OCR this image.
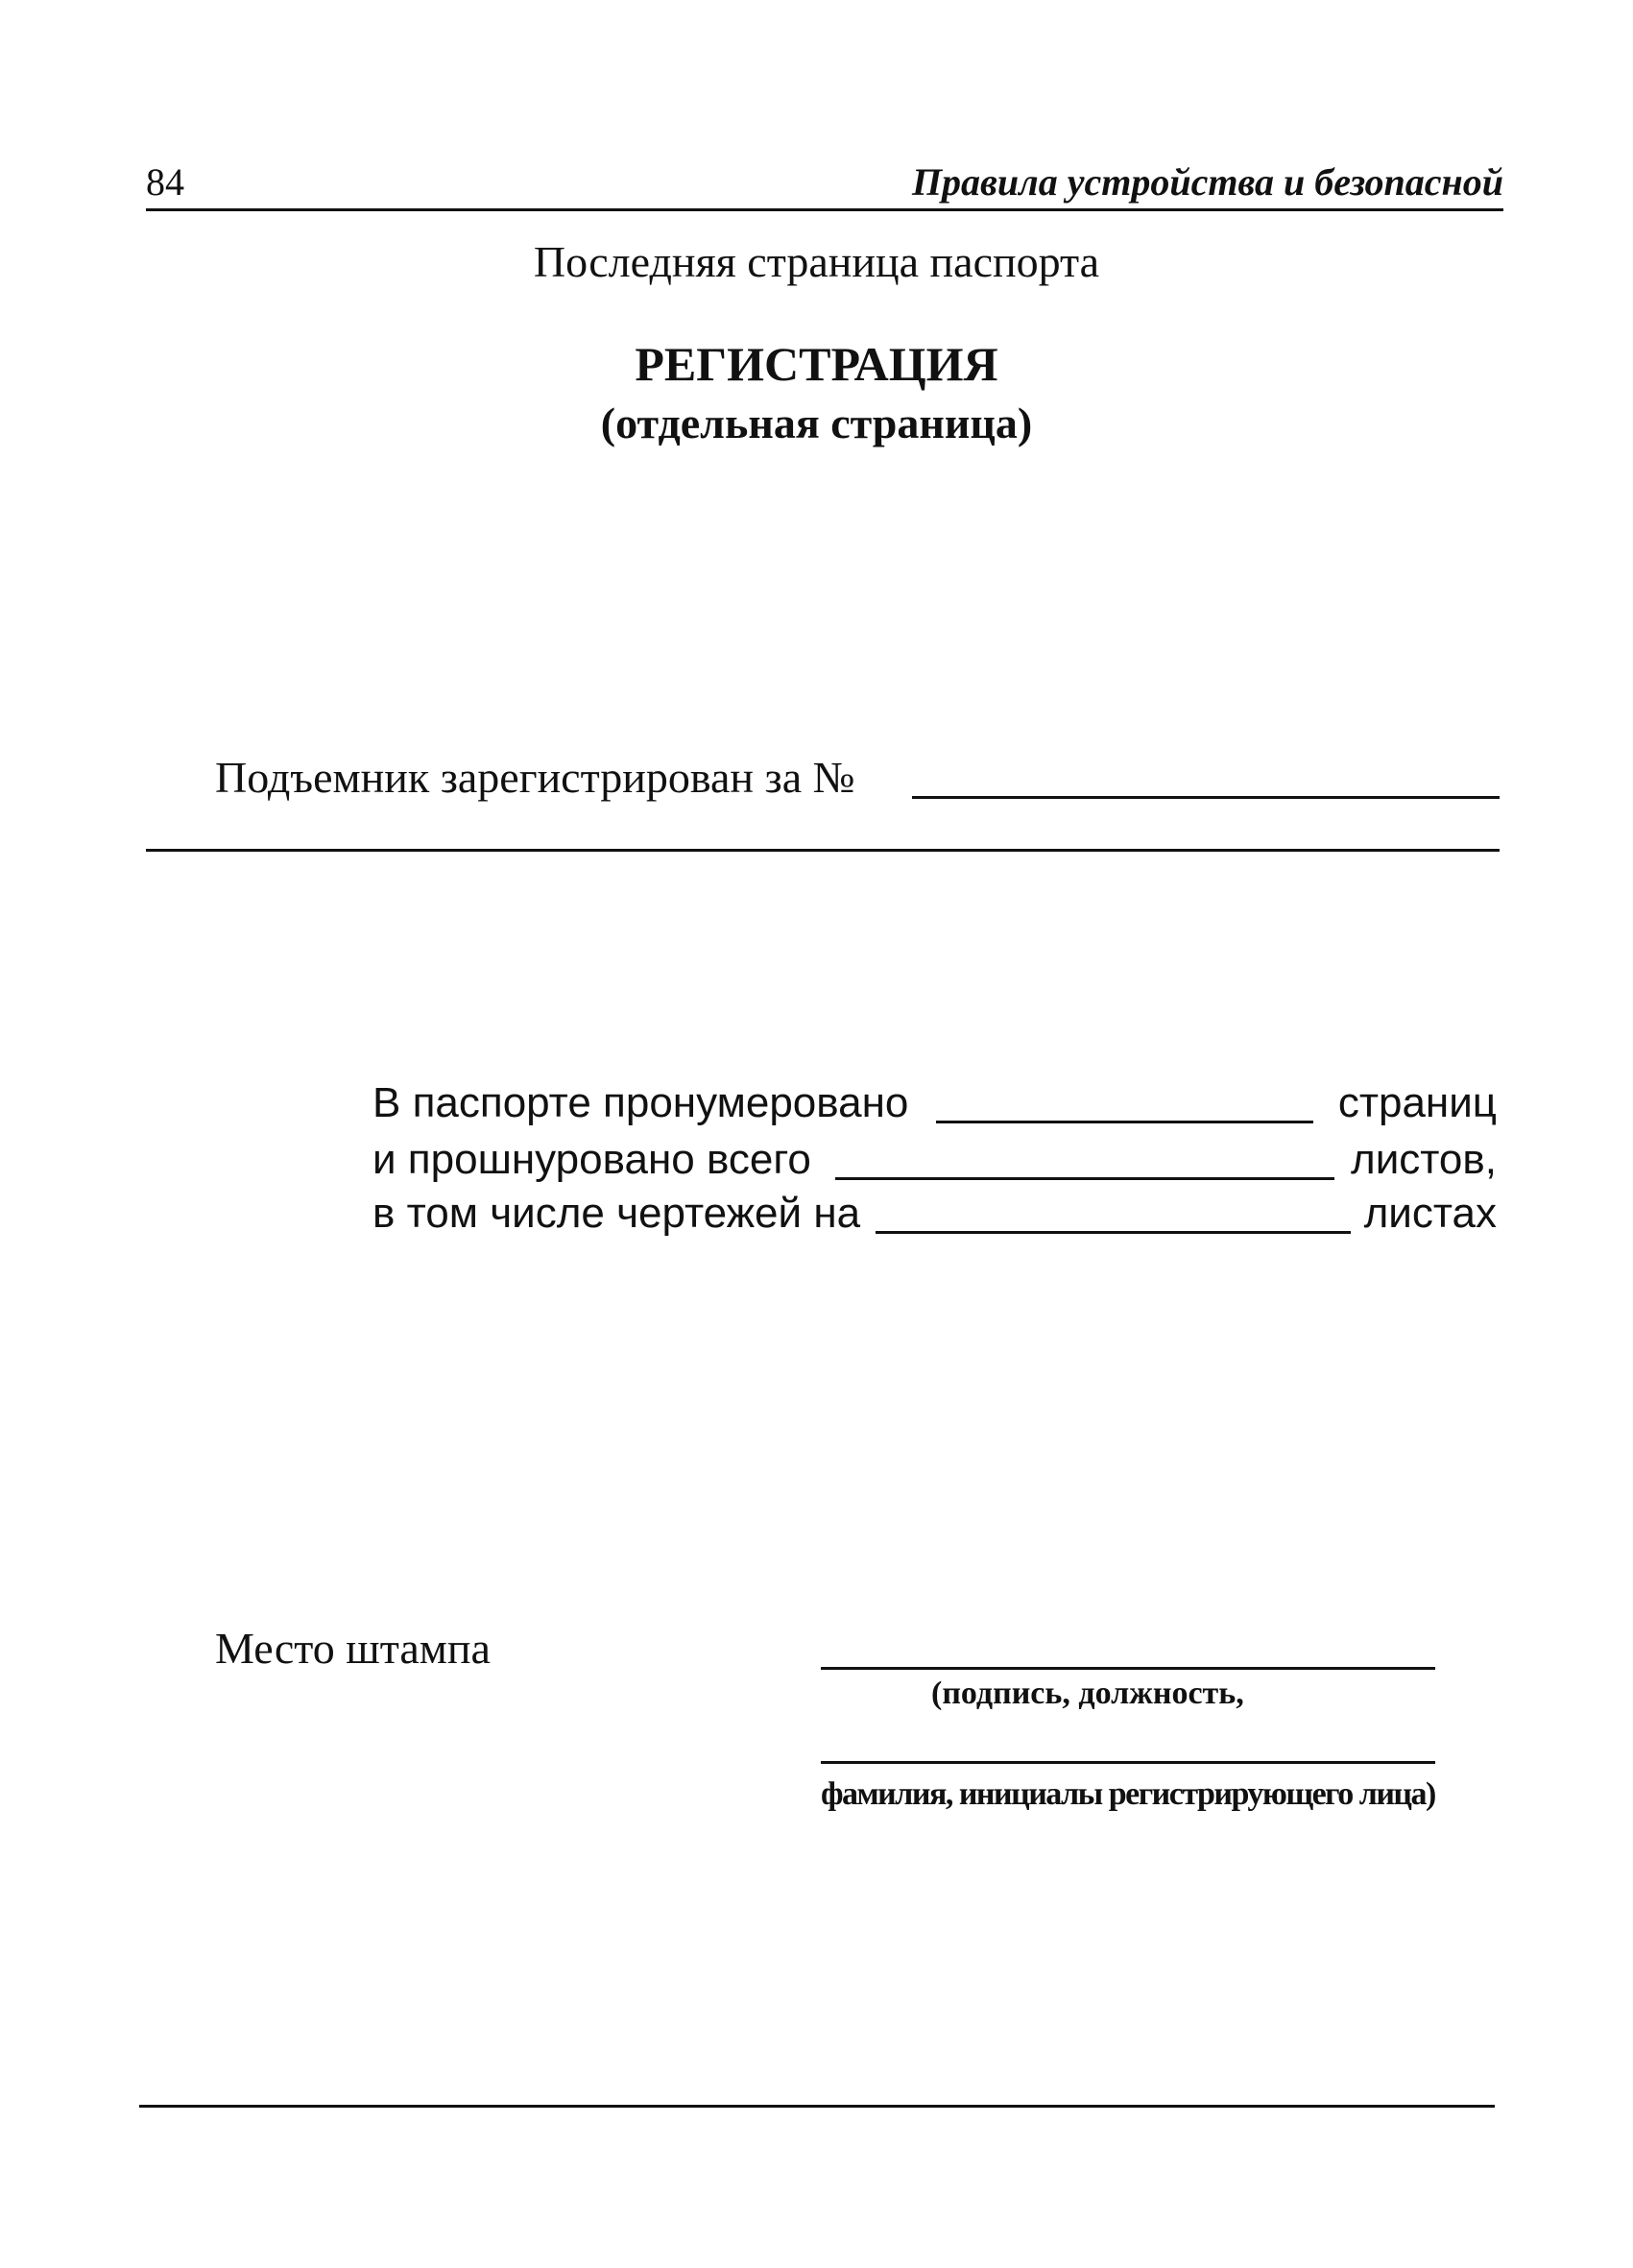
84	Правила устройства и безопасной
Последняя страница паспорта
РЕГИСТРАЦИЯ
(отдельная страница)
Подъемник зарегистрирован за №
В паспорте пронумеровано	страниц
и прошнуровано всего	листов,
в том числе чертежей на	листах
Место штампа
(подпись, должность,
фамилия, инициалы регистрирующего лица)
